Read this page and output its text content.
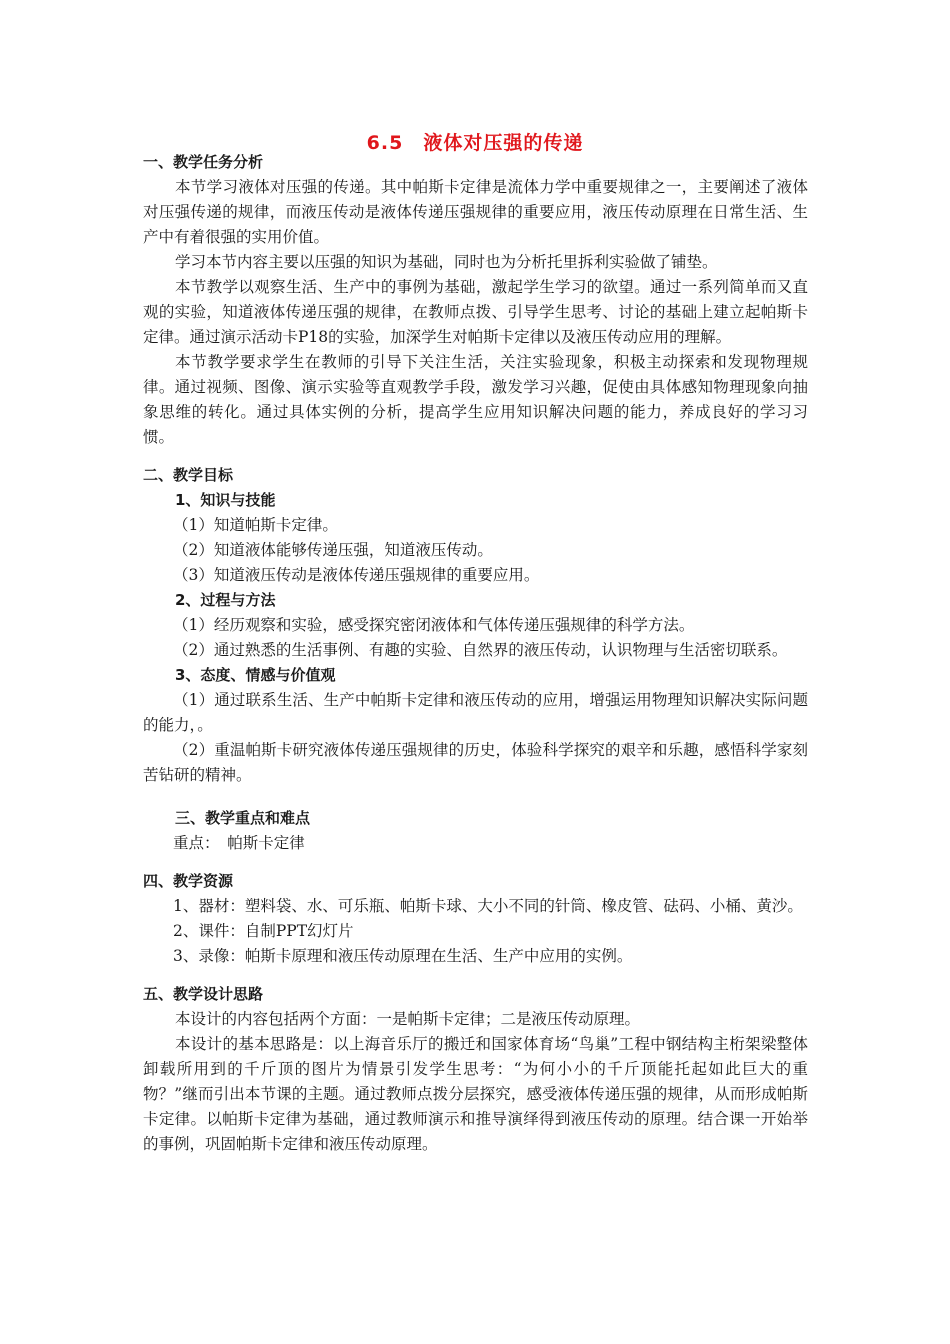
6.5　液体对压强的传递
一、教学任务分析

本节学习液体对压强的传递。其中帕斯卡定律是流体力学中重要规律之一，主要阐述了液体对压强传递的规律，而液压传动是液体传递压强规律的重要应用，液压传动原理在日常生活、生产中有着很强的实用价值。

学习本节内容主要以压强的知识为基础，同时也为分析托里拆利实验做了铺垫。

本节教学以观察生活、生产中的事例为基础，激起学生学习的欲望。通过一系列简单而又直观的实验，知道液体传递压强的规律，在教师点拨、引导学生思考、讨论的基础上建立起帕斯卡定律。通过演示活动卡P18的实验，加深学生对帕斯卡定律以及液压传动应用的理解。

本节教学要求学生在教师的引导下关注生活，关注实验现象，积极主动探索和发现物理规律。通过视频、图像、演示实验等直观教学手段，激发学习兴趣，促使由具体感知物理现象向抽象思维的转化。通过具体实例的分析，提高学生应用知识解决问题的能力，养成良好的学习习惯。

二、教学目标
1、知识与技能

（1）知道帕斯卡定律。

（2）知道液体能够传递压强，知道液压传动。

（3）知道液压传动是液体传递压强规律的重要应用。

2、过程与方法

（1）经历观察和实验，感受探究密闭液体和气体传递压强规律的科学方法。

（2）通过熟悉的生活事例、有趣的实验、自然界的液压传动，认识物理与生活密切联系。

3、态度、情感与价值观

（1）通过联系生活、生产中帕斯卡定律和液压传动的应用，增强运用物理知识解决实际问题的能力，。

（2）重温帕斯卡研究液体传递压强规律的历史，体验科学探究的艰辛和乐趣，感悟科学家刻苦钻研的精神。

三、教学重点和难点

重点：　帕斯卡定律

四、教学资源

1、器材：塑料袋、水、可乐瓶、帕斯卡球、大小不同的针筒、橡皮管、砝码、小桶、黄沙。

2、课件：自制PPT幻灯片

3、录像：帕斯卡原理和液压传动原理在生活、生产中应用的实例。

五、教学设计思路

本设计的内容包括两个方面：一是帕斯卡定律；二是液压传动原理。

本设计的基本思路是：以上海音乐厅的搬迁和国家体育场“鸟巢”工程中钢结构主桁架梁整体卸载所用到的千斤顶的图片为情景引发学生思考：“为何小小的千斤顶能托起如此巨大的重物？”继而引出本节课的主题。通过教师点拨分层探究，感受液体传递压强的规律，从而形成帕斯卡定律。以帕斯卡定律为基础，通过教师演示和推导演绎得到液压传动的原理。结合课一开始举的事例，巩固帕斯卡定律和液压传动原理。
